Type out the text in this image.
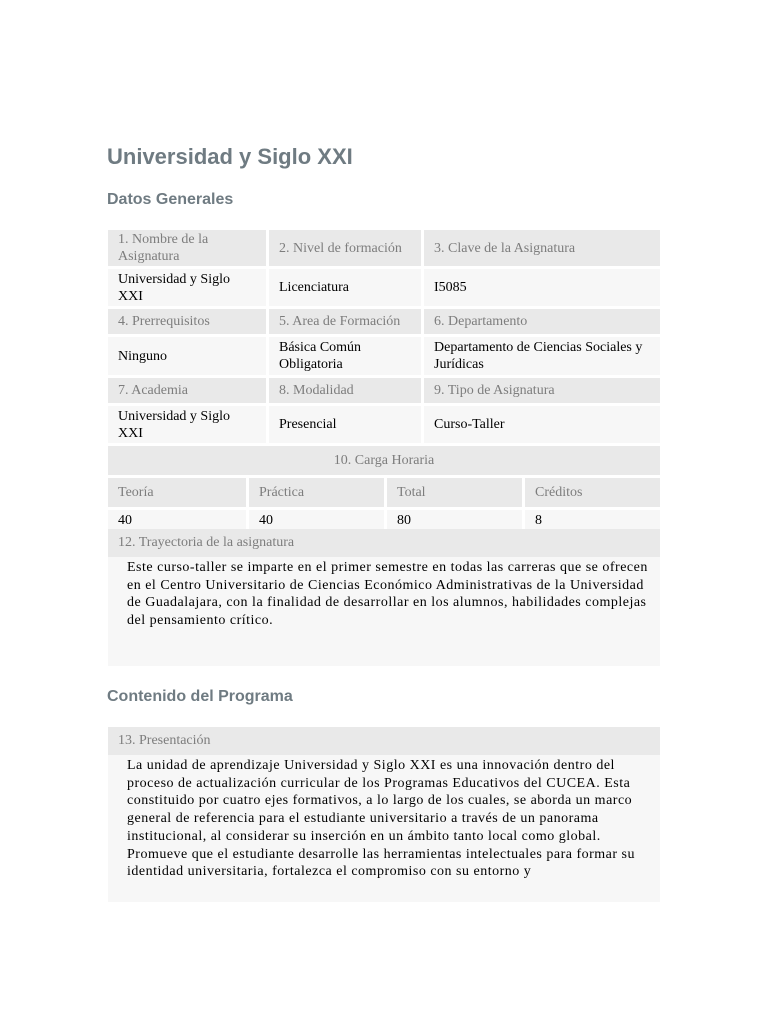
Universidad y Siglo XXI
Datos Generales
1. Nombre de la Asignatura	2. Nivel de formación	3. Clave de la Asignatura
Universidad y Siglo XXI	Licenciatura	I5085
4. Prerrequisitos	5. Area de Formación	6. Departamento
Ninguno	Básica Común Obligatoria	Departamento de Ciencias Sociales y Jurídicas
7. Academia	8. Modalidad	9. Tipo de Asignatura
Universidad y Siglo XXI	Presencial	Curso-Taller
10. Carga Horaria			
Teoría	Práctica	Total	Créditos
40	40	80	8
12. Trayectoria de la asignatura

Este curso-taller se imparte en el primer semestre en todas las carreras que se ofrecen en el Centro Universitario de Ciencias Económico Administrativas de la Universidad de Guadalajara, con la finalidad de desarrollar en los alumnos, habilidades complejas del pensamiento crítico.

Contenido del Programa
13. Presentación

La unidad de aprendizaje Universidad y Siglo XXI es una innovación dentro del proceso de actualización curricular de los Programas Educativos del CUCEA. Esta constituido por cuatro ejes formativos, a lo largo de los cuales, se aborda un marco general de referencia para el estudiante universitario a través de un panorama institucional, al considerar su inserción en un ámbito tanto local como global. Promueve que el estudiante desarrolle las herramientas intelectuales para formar su identidad universitaria, fortalezca el compromiso con su entorno y
